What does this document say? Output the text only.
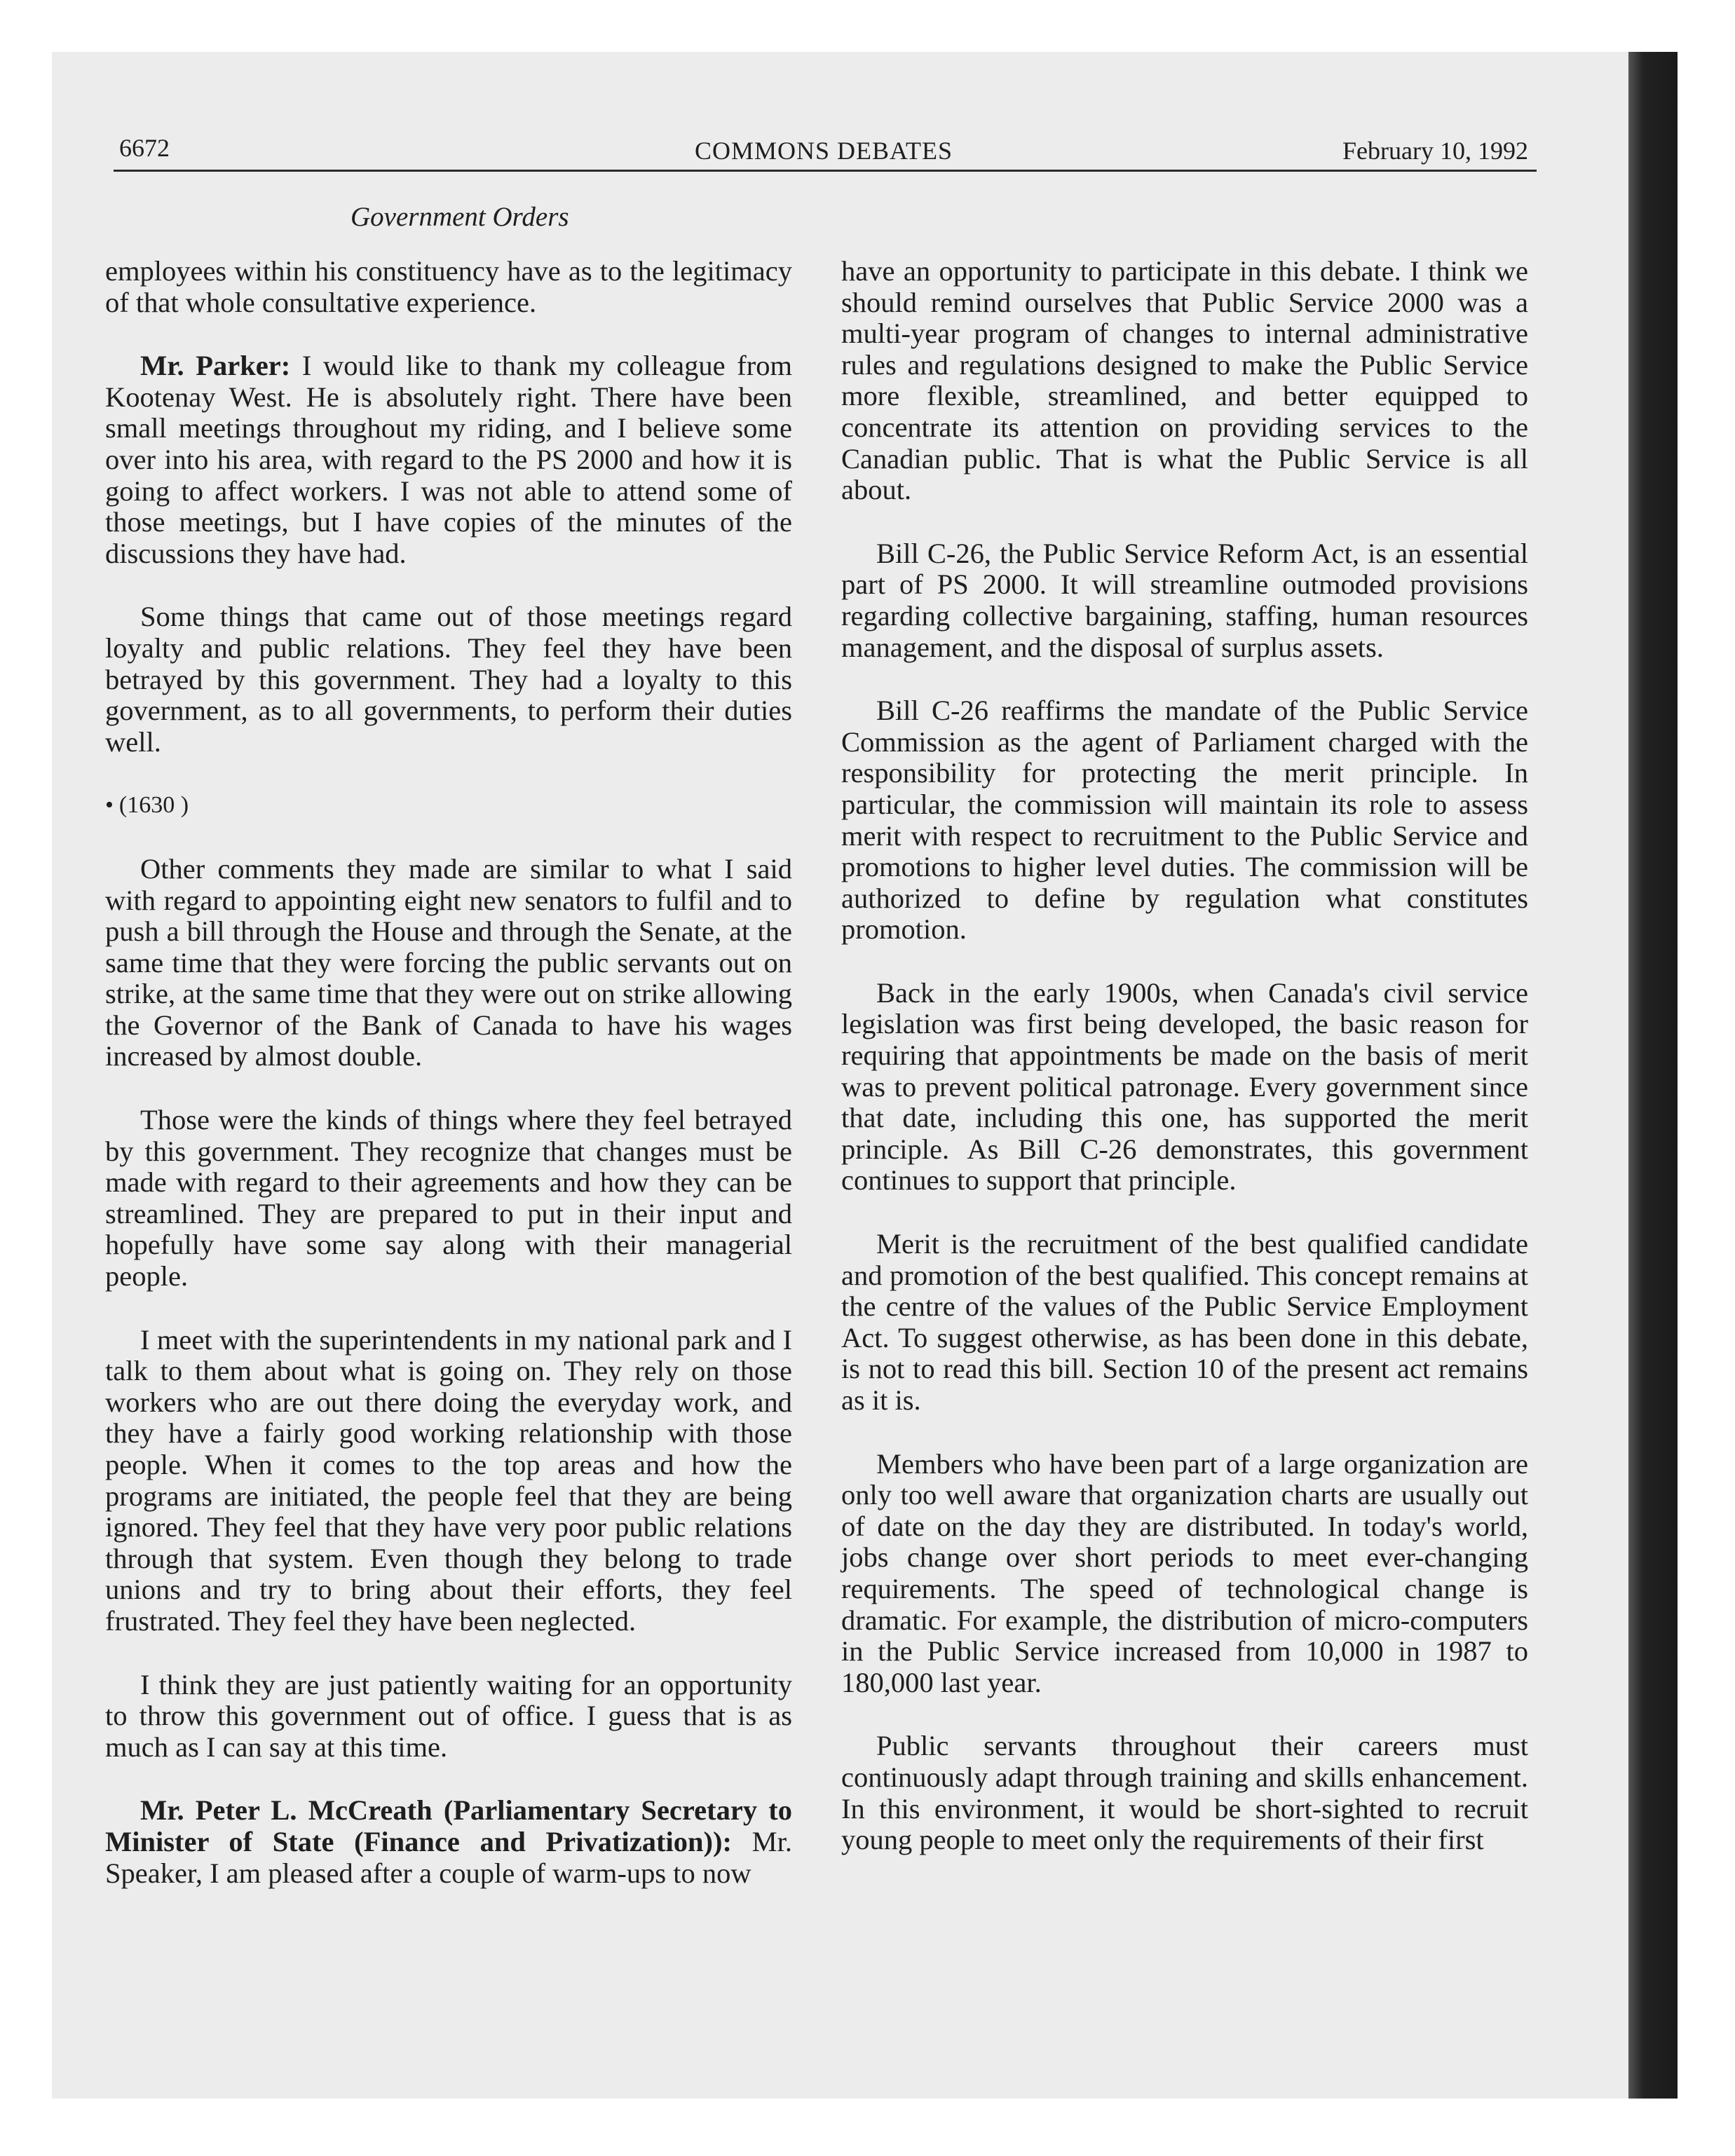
6672	COMMONS DEBATES	February 10, 1992
Government Orders

employees within his constituency have as to the legitimacy of that whole consultative experience.

Mr. Parker: I would like to thank my colleague from Kootenay West. He is absolutely right. There have been small meetings throughout my riding, and I believe some over into his area, with regard to the PS 2000 and how it is going to affect workers. I was not able to attend some of those meetings, but I have copies of the minutes of the discussions they have had.

Some things that came out of those meetings regard loyalty and public relations. They feel they have been betrayed by this government. They had a loyalty to this government, as to all governments, to perform their duties well.

• (1630 )

Other comments they made are similar to what I said with regard to appointing eight new senators to fulfil and to push a bill through the House and through the Senate, at the same time that they were forcing the public servants out on strike, at the same time that they were out on strike allowing the Governor of the Bank of Canada to have his wages increased by almost double.

Those were the kinds of things where they feel betrayed by this government. They recognize that changes must be made with regard to their agreements and how they can be streamlined. They are prepared to put in their input and hopefully have some say along with their managerial people.

I meet with the superintendents in my national park and I talk to them about what is going on. They rely on those workers who are out there doing the everyday work, and they have a fairly good working relationship with those people. When it comes to the top areas and how the programs are initiated, the people feel that they are being ignored. They feel that they have very poor public relations through that system. Even though they belong to trade unions and try to bring about their efforts, they feel frustrated. They feel they have been neglected.

I think they are just patiently waiting for an opportunity to throw this government out of office. I guess that is as much as I can say at this time.

Mr. Peter L. McCreath (Parliamentary Secretary to Minister of State (Finance and Privatization)): Mr. Speaker, I am pleased after a couple of warm-ups to now

have an opportunity to participate in this debate. I think we should remind ourselves that Public Service 2000 was a multi-year program of changes to internal administrative rules and regulations designed to make the Public Service more flexible, streamlined, and better equipped to concentrate its attention on providing services to the Canadian public. That is what the Public Service is all about.

Bill C-26, the Public Service Reform Act, is an essential part of PS 2000. It will streamline outmoded provisions regarding collective bargaining, staffing, human resources management, and the disposal of surplus assets.

Bill C-26 reaffirms the mandate of the Public Service Commission as the agent of Parliament charged with the responsibility for protecting the merit principle. In particular, the commission will maintain its role to assess merit with respect to recruitment to the Public Service and promotions to higher level duties. The commission will be authorized to define by regulation what constitutes promotion.

Back in the early 1900s, when Canada's civil service legislation was first being developed, the basic reason for requiring that appointments be made on the basis of merit was to prevent political patronage. Every government since that date, including this one, has supported the merit principle. As Bill C-26 demonstrates, this government continues to support that principle.

Merit is the recruitment of the best qualified candidate and promotion of the best qualified. This concept remains at the centre of the values of the Public Service Employment Act. To suggest otherwise, as has been done in this debate, is not to read this bill. Section 10 of the present act remains as it is.

Members who have been part of a large organization are only too well aware that organization charts are usually out of date on the day they are distributed. In today's world, jobs change over short periods to meet ever-changing requirements. The speed of technological change is dramatic. For example, the distribution of micro-computers in the Public Service increased from 10,000 in 1987 to 180,000 last year.

Public servants throughout their careers must continuously adapt through training and skills enhancement. In this environment, it would be short-sighted to recruit young people to meet only the requirements of their first
